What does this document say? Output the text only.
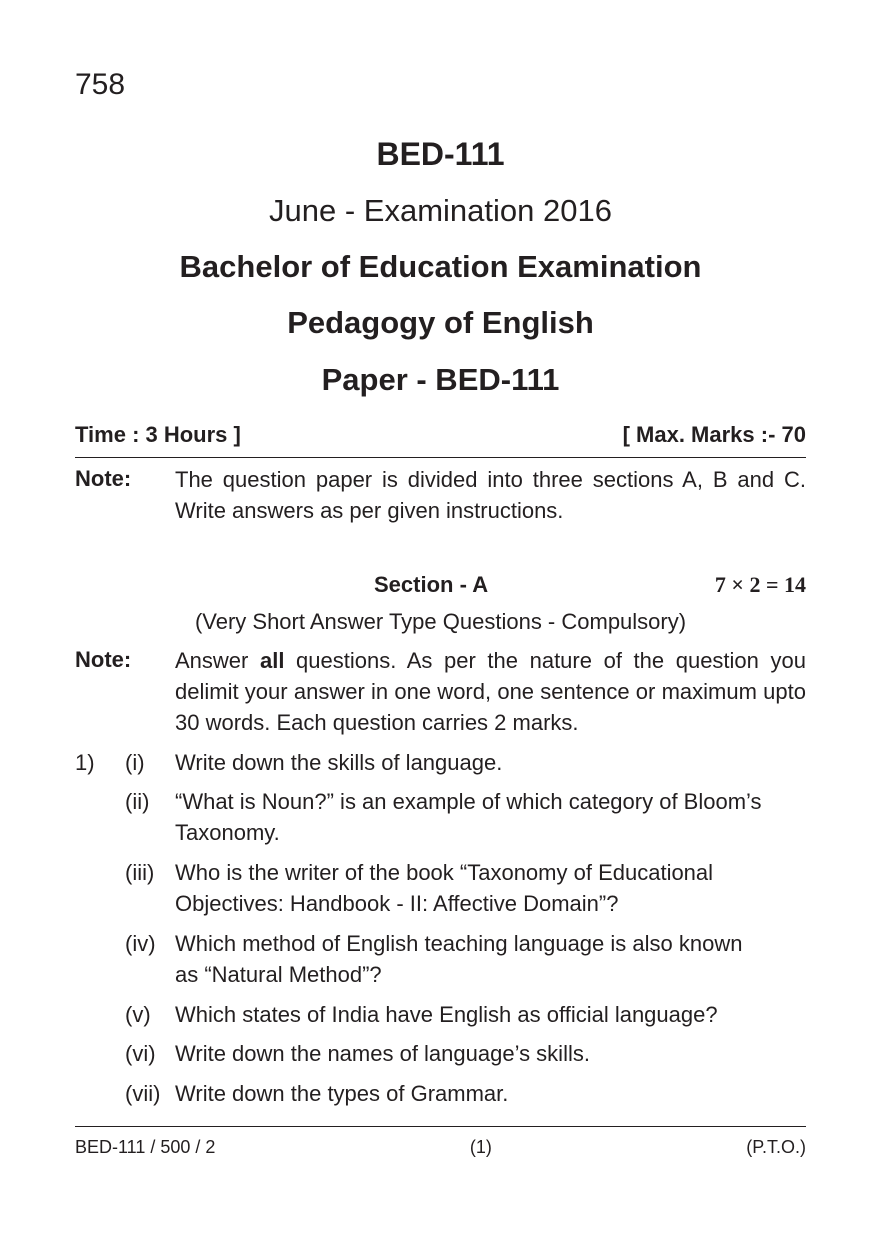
758
BED-111
June - Examination 2016
Bachelor of Education Examination
Pedagogy of English
Paper - BED-111
Time : 3 Hours ]	[ Max. Marks :- 70
Note: The question paper is divided into three sections A, B and C. Write answers as per given instructions.
Section - A	7 × 2 = 14
(Very Short Answer Type Questions - Compulsory)
Note: Answer all questions. As per the nature of the question you delimit your answer in one word, one sentence or maximum upto 30 words. Each question carries 2 marks.
1) (i) Write down the skills of language.
(ii) “What is Noun?” is an example of which category of Bloom’s Taxonomy.
(iii) Who is the writer of the book “Taxonomy of Educational Objectives: Handbook - II: Affective Domain”?
(iv) Which method of English teaching language is also known as “Natural Method”?
(v) Which states of India have English as official language?
(vi) Write down the names of language’s skills.
(vii) Write down the types of Grammar.
BED-111 / 500 / 2	(1)	(P.T.O.)
